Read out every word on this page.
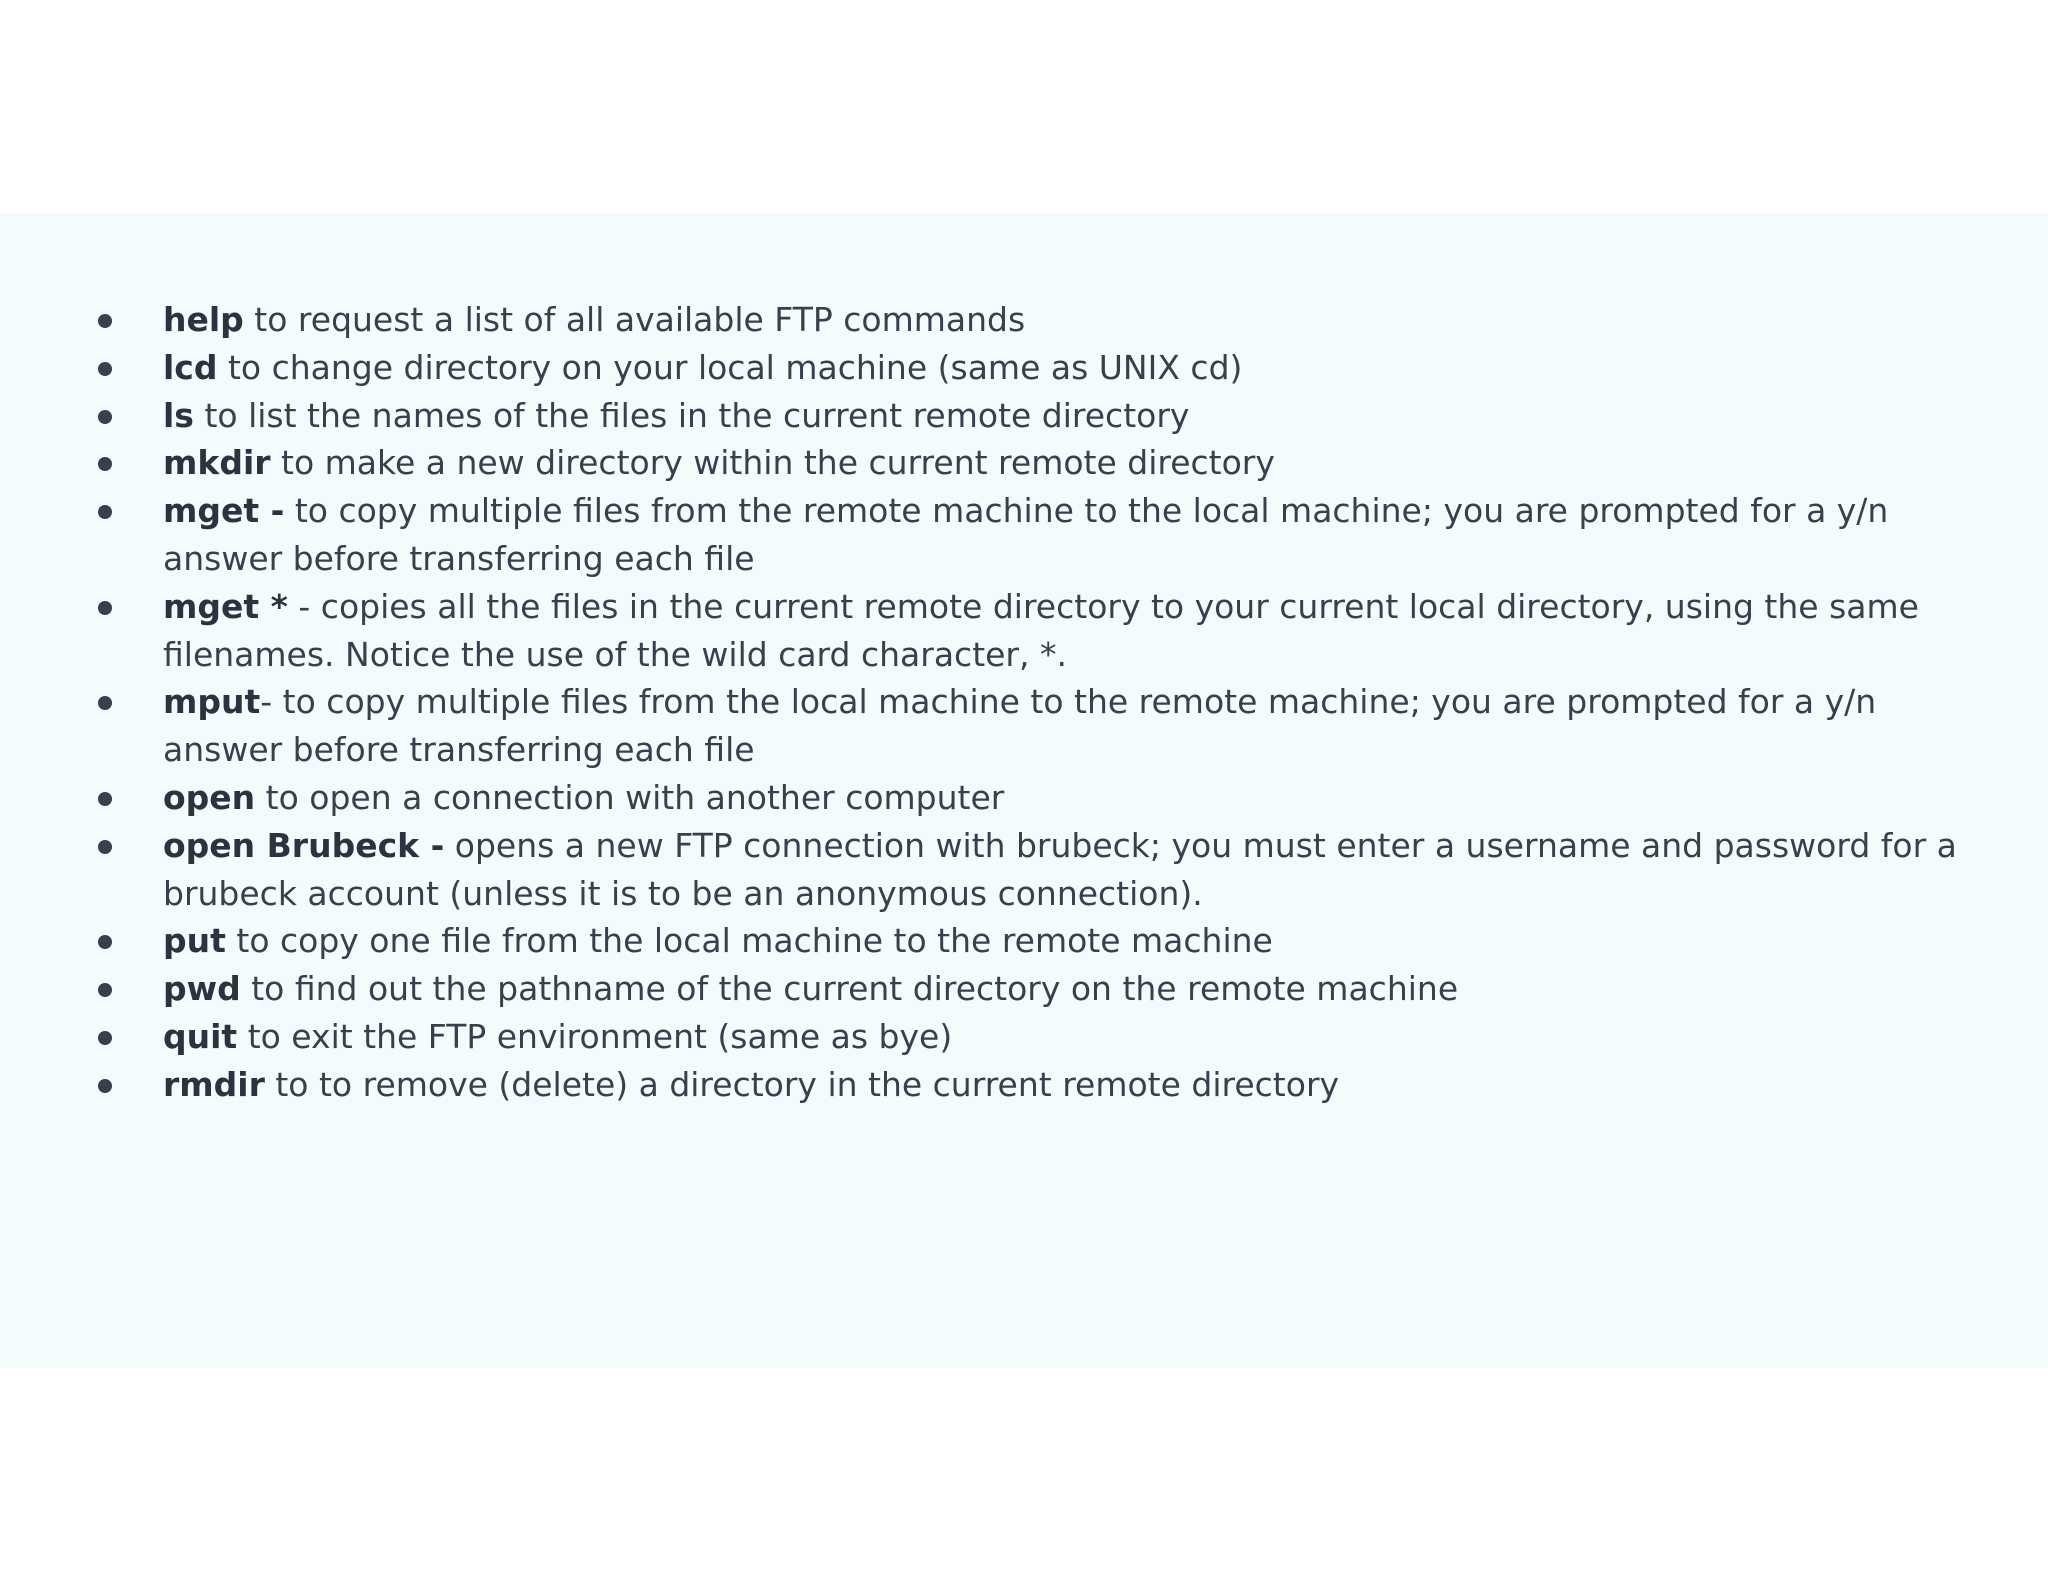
help to request a list of all available FTP commands
lcd to change directory on your local machine (same as UNIX cd)
ls to list the names of the files in the current remote directory
mkdir to make a new directory within the current remote directory
mget - to copy multiple files from the remote machine to the local machine; you are prompted for a y/n
answer before transferring each file
mget * - copies all the files in the current remote directory to your current local directory, using the same
filenames. Notice the use of the wild card character, *.
mput- to copy multiple files from the local machine to the remote machine; you are prompted for a y/n
answer before transferring each file
open to open a connection with another computer
open Brubeck - opens a new FTP connection with brubeck; you must enter a username and password for a
brubeck account (unless it is to be an anonymous connection).
put to copy one file from the local machine to the remote machine
pwd to find out the pathname of the current directory on the remote machine
quit to exit the FTP environment (same as bye)
rmdir to to remove (delete) a directory in the current remote directory
